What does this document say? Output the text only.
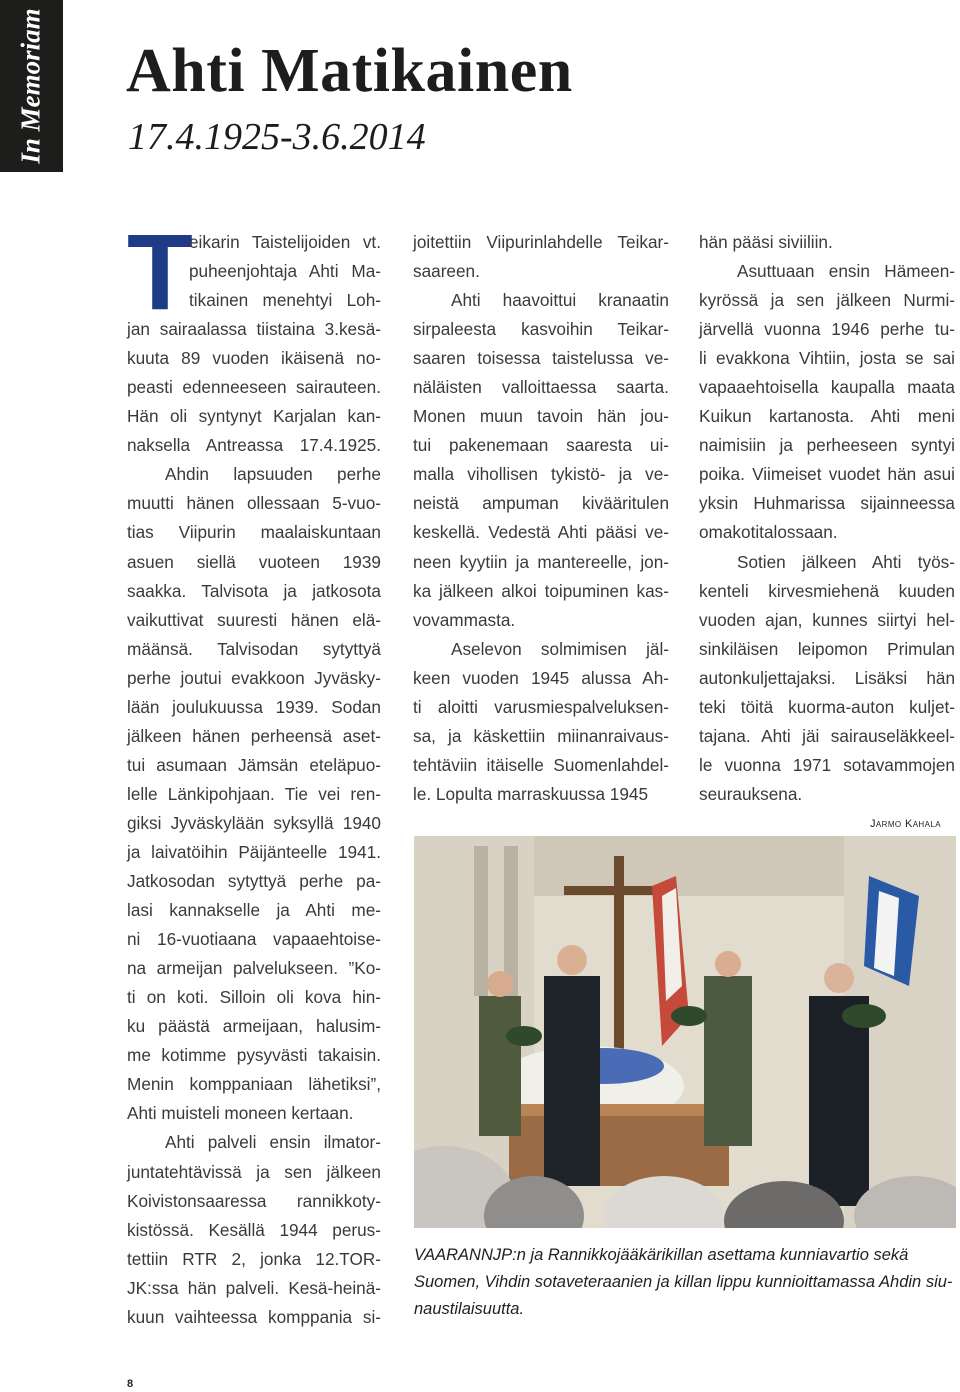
In Memoriam Ahti Matikainen
17.4.1925-3.6.2014
T
eikarin Taistelijoiden vt.
puheenjohtaja Ahti Ma-
tikainen menehtyi Loh-
jan sairaalassa tiistaina 3.kesä-
kuuta 89 vuoden ikäisenä no-
peasti edenneeseen sairauteen.
Hän oli syntynyt Karjalan kan-
naksella Antreassa 17.4.1925.
Ahdin lapsuuden perhe
muutti hänen ollessaan 5-vuo-
tias Viipurin maalaiskuntaan
asuen siellä vuoteen 1939
saakka. Talvisota ja jatkosota
vaikuttivat suuresti hänen elä-
määnsä. Talvisodan sytyttyä
perhe joutui evakkoon Jyväsky-
lään joulukuussa 1939. Sodan
jälkeen hänen perheensä aset-
tui asumaan Jämsän eteläpuo-
lelle Länkipohjaan. Tie vei ren-
giksi Jyväskylään syksyllä 1940
ja laivatöihin Päijänteelle 1941.
Jatkosodan sytyttyä perhe pa-
lasi kannakselle ja Ahti me-
ni 16-vuotiaana vapaaehtoise-
na armeijan palvelukseen. ”Ko-
ti on koti. Silloin oli kova hin-
ku päästä armeijaan, halusim-
me kotimme pysyvästi takaisin.
Menin komppaniaan lähetiksi”,
Ahti muisteli moneen kertaan.
Ahti palveli ensin ilmator-
juntatehtävissä ja sen jälkeen
Koivistonsaaressa rannikkoty-
kistössä. Kesällä 1944 perus-
tettiin RTR 2, jonka 12.TOR-
JK:ssa hän palveli. Kesä-heinä-
kuun vaihteessa komppania si-
joitettiin Viipurinlahdelle Teikar-
saareen.
Ahti haavoittui kranaatin
sirpaleesta kasvoihin Teikar-
saaren toisessa taistelussa ve-
näläisten valloittaessa saarta.
Monen muun tavoin hän jou-
tui pakenemaan saaresta ui-
malla vihollisen tykistö- ja ve-
neistä ampuman kivääritulen
keskellä. Vedestä Ahti pääsi ve-
neen kyytiin ja mantereelle, jon-
ka jälkeen alkoi toipuminen kas-
vovammasta.
Aselevon solmimisen jäl-
keen vuoden 1945 alussa Ah-
ti aloitti varusmiespalveluksen-
sa, ja käskettiin miinanraivaus-
tehtäviin itäiselle Suomenlahdel-
le. Lopulta marraskuussa 1945
hän pääsi siviiliin.
Asuttuaan ensin Hämeen-
kyrössä ja sen jälkeen Nurmi-
järvellä vuonna 1946 perhe tu-
li evakkona Vihtiin, josta se sai
vapaaehtoisella kaupalla maata
Kuikun kartanosta. Ahti meni
naimisiin ja perheeseen syntyi
poika. Viimeiset vuodet hän asui
yksin Huhmarissa sijainneessa
omakotitalossaan.
Sotien jälkeen Ahti työs-
kenteli kirvesmiehenä kuuden
vuoden ajan, kunnes siirtyi hel-
sinkiläisen leipomon Primulan
autonkuljettajaksi. Lisäksi hän
teki töitä kuorma-auton kuljet-
tajana. Ahti jäi sairauseläkkeel-
le vuonna 1971 sotavammojen
seurauksena.
Jarmo Kahala
VAARANNJP:n ja Rannikkojääkärikillan asettama kunniavartio sekä
Suomen, Vihdin sotaveteraanien ja killan lippu kunnioittamassa Ahdin siu-
naustilaisuutta.
8
